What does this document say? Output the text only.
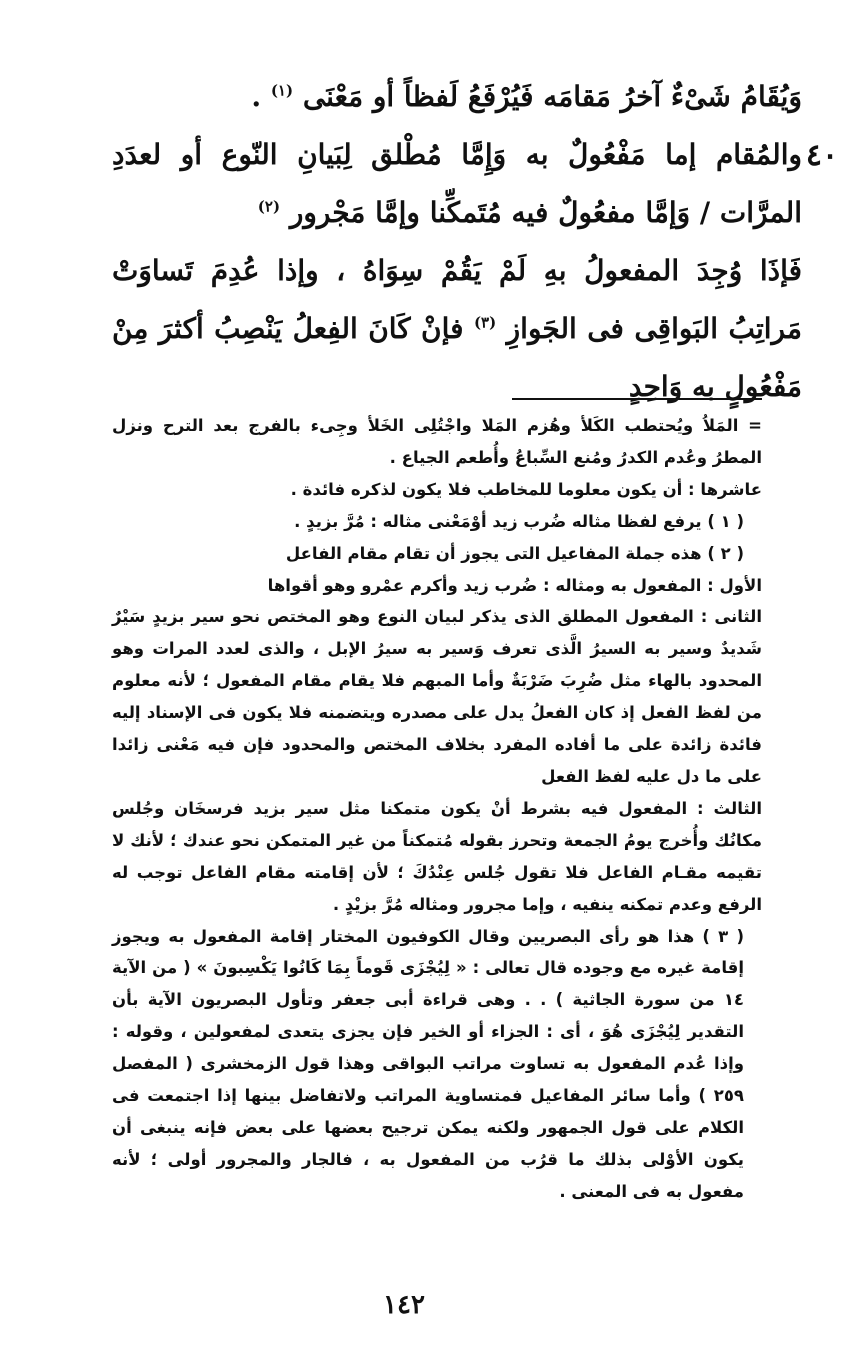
٤٠

وَيُقَامُ شَىْءٌ آخرُ مَقامَه فَيُرْفَعُ لَفظاً أو مَعْنَى $^{(١)}$ .

والمُقام إما مَفْعُولٌ به وَإِمَّا مُطْلق لِبَيانِ النّوع أو لعدَدِ المرَّات / وَإمَّا مفعُولٌ فيه مُتَمكِّنا وإمَّا مَجْرور $^{(٢)}$

فَإذَا وُجِدَ المفعولُ بهِ لَمْ يَقُمْ سِوَاهُ ، وإذا عُدِمَ تَساوَتْ مَراتِبُ البَواقِى فى الجَوازِ $^{(٣)}$ فإنْ كَانَ الفِعلُ يَنْصِبُ أكثرَ مِنْ مَفْعُولٍ به وَاحِدٍ

= المَلاُ ويُحتطب الكَلأ وهُزم المَلا واجْتُلِى الخَلأ وجِىء بالفرج بعد الترح ونزل المطرُ وعُدم الكدرُ ومُنع السِّباعُ وأُطعم الجياع .

عاشرها : أن يكون معلوما للمخاطب فلا يكون لذكره فائدة .

( ١ ) يرفع لفظا مثاله ضُرب زيد أوْمَعْنى مثاله : مُرَّ بزيدٍ .

( ٢ ) هذه جملة المفاعيل التى يجوز أن تقام مقام الفاعل

الأول : المفعول به ومثاله : ضُرب زيد وأكرم عمْرو وهو أقواها

الثانى : المفعول المطلق الذى يذكر لبيان النوع وهو المختص نحو سير بزيدٍ سَيْرٌ شَديدٌ وسير به السيرُ الَّذى تعرف وَسير به سيرُ الإبل ، والذى لعدد المرات وهو المحدود بالهاء مثل ضُرِبَ ضَرْبَةٌ وأما المبهم فلا يقام مقام المفعول ؛ لأنه معلوم من لفظ الفعل إذ كان الفعلُ يدل على مصدره ويتضمنه فلا يكون فى الإسناد إليه فائدة زائدة على ما أفاده المفرد بخلاف المختص والمحدود فإن فيه مَعْنى زائدا على ما دل عليه لفظ الفعل

الثالث : المفعول فيه بشرط أنْ يكون متمكنا مثل سير بزيد فرسخَان وجُلس مكانُك وأُخرج يومُ الجمعة وتحرز بقوله مُتمكناً من غير المتمكن نحو عندك ؛ لأنك لا تقيمه مقـام الفاعل فلا تقول جُلس عِنْدُكَ ؛ لأن إقامته مقام الفاعل توجب له الرفع وعدم تمكنه ينفيه ، وإما مجرور ومثاله مُرَّ بزيْدٍ .

( ٣ ) هذا هو رأى البصريين وقال الكوفيون المختار إقامة المفعول به ويجوز إقامة غيره مع وجوده قال تعالى : « لِيُجْزَى قَوماً بِمَا كَانُوا يَكْسِبونَ » ( من الآية ١٤ من سورة الجاثية ) . . وهى قراءة أبى جعفر وتأول البصريون الآية بأن التقدير لِيُجْزَى هُوَ ، أى : الجزاء أو الخير فإن يجزى يتعدى لمفعولين ، وقوله : وإذا عُدم المفعول به تساوت مراتب البواقى وهذا قول الزمخشرى ( المفصل ٢٥٩ ) وأما سائر المفاعيل فمتساوية المراتب ولاتفاضل بينها إذا اجتمعت فى الكلام على قول الجمهور ولكنه يمكن ترجيح بعضها على بعض فإنه ينبغى أن يكون الأوْلى بذلك ما قرُب من المفعول به ، فالجار والمجرور أولى ؛ لأنه مفعول به فى المعنى .

١٤٢
